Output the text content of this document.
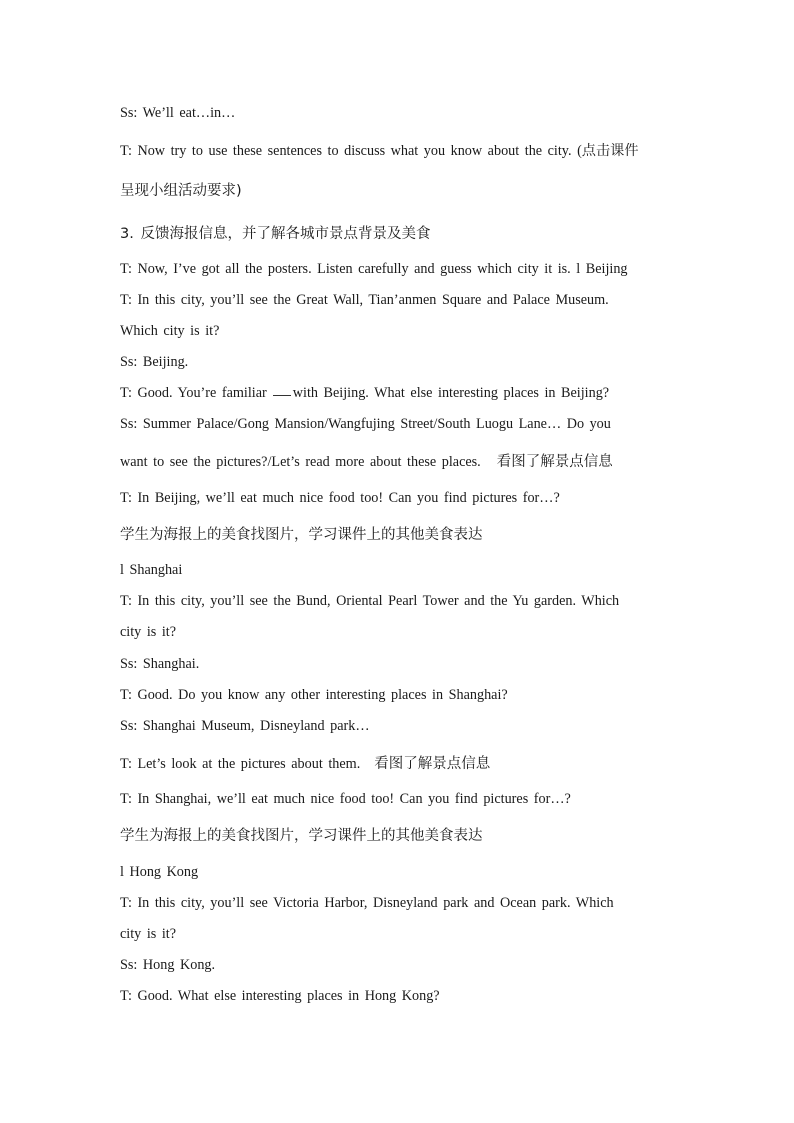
Ss: We’ll eat…in…
T: Now try to use these sentences to discuss what you know about the city. (点击课件
呈现小组活动要求)
3. 反馈海报信息，并了解各城市景点背景及美食
T: Now, I’ve got all the posters. Listen carefully and guess which city it is. l Beijing
T: In this city, you’ll see the Great Wall, Tian’anmen Square and Palace Museum.
Which city is it?
Ss: Beijing.
T: Good. You’re familiar with Beijing. What else interesting places in Beijing?
Ss: Summer Palace/Gong Mansion/Wangfujing Street/South Luogu Lane… Do you
want to see the pictures?/Let’s read more about these places. 看图了解景点信息
T: In Beijing, we’ll eat much nice food too! Can you find pictures for…?
学生为海报上的美食找图片，学习课件上的其他美食表达
l Shanghai
T: In this city, you’ll see the Bund, Oriental Pearl Tower and the Yu garden. Which
city is it?
Ss: Shanghai.
T: Good. Do you know any other interesting places in Shanghai?
Ss: Shanghai Museum, Disneyland park…
T: Let’s look at the pictures about them. 看图了解景点信息
T: In Shanghai, we’ll eat much nice food too! Can you find pictures for…?
学生为海报上的美食找图片，学习课件上的其他美食表达
l Hong Kong
T: In this city, you’ll see Victoria Harbor, Disneyland park and Ocean park. Which
city is it?
Ss: Hong Kong.
T: Good. What else interesting places in Hong Kong?
